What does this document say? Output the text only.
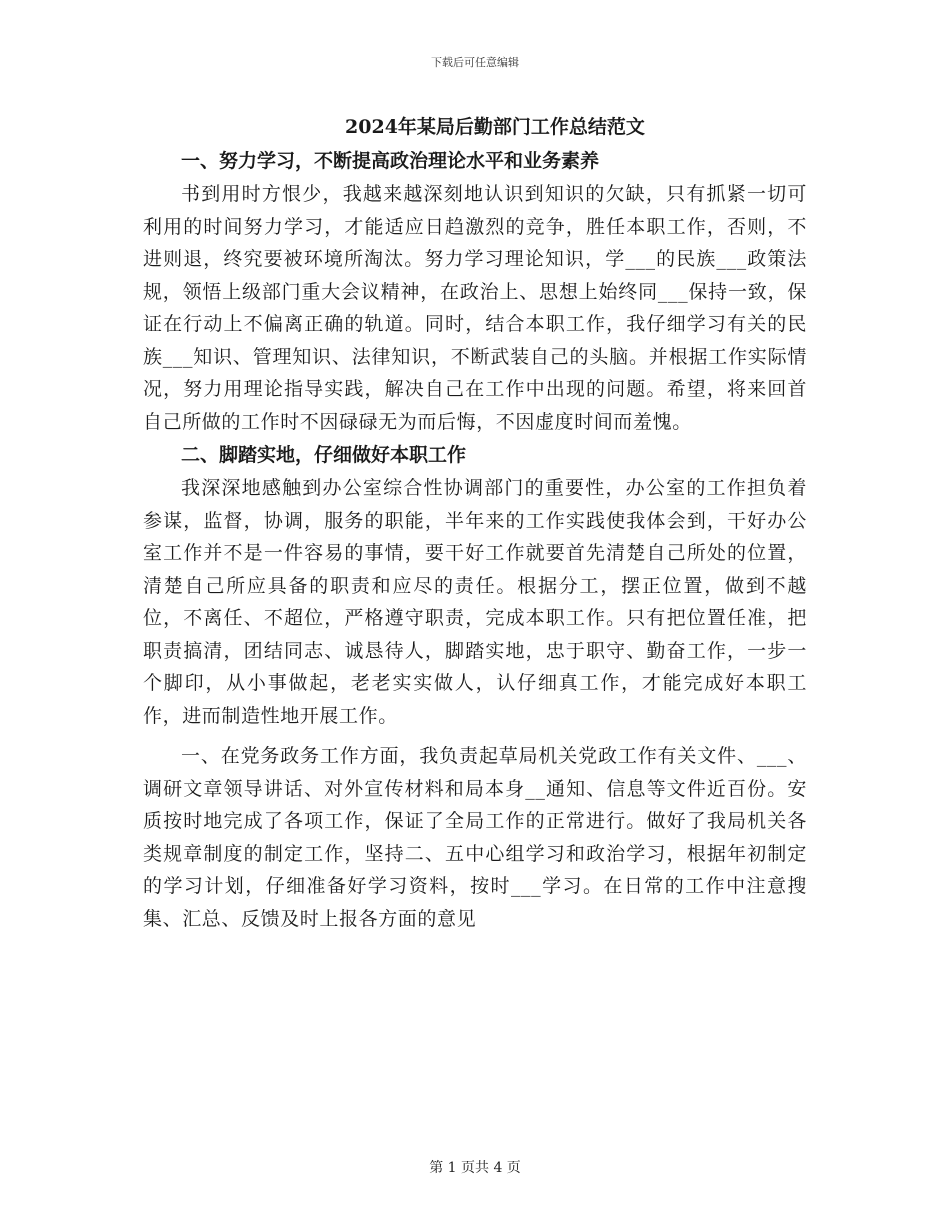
下载后可任意编辑
2024年某局后勤部门工作总结范文
一、努力学习，不断提高政治理论水平和业务素养

书到用时方恨少，我越来越深刻地认识到知识的欠缺，只有抓紧一切可利用的时间努力学习，才能适应日趋激烈的竞争，胜任本职工作，否则，不进则退，终究要被环境所淘汰。努力学习理论知识，学___的民族___政策法规，领悟上级部门重大会议精神，在政治上、思想上始终同___保持一致，保证在行动上不偏离正确的轨道。同时，结合本职工作，我仔细学习有关的民族___知识、管理知识、法律知识，不断武装自己的头脑。并根据工作实际情况，努力用理论指导实践，解决自己在工作中出现的问题。希望，将来回首自己所做的工作时不因碌碌无为而后悔，不因虚度时间而羞愧。

二、脚踏实地，仔细做好本职工作

我深深地感触到办公室综合性协调部门的重要性，办公室的工作担负着参谋，监督，协调，服务的职能，半年来的工作实践使我体会到，干好办公室工作并不是一件容易的事情，要干好工作就要首先清楚自己所处的位置，清楚自己所应具备的职责和应尽的责任。根据分工，摆正位置，做到不越位，不离任、不超位，严格遵守职责，完成本职工作。只有把位置任准，把职责搞清，团结同志、诚恳待人，脚踏实地，忠于职守、勤奋工作，一步一个脚印，从小事做起，老老实实做人，认仔细真工作，才能完成好本职工作，进而制造性地开展工作。

一、在党务政务工作方面，我负责起草局机关党政工作有关文件、___、调研文章领导讲话、对外宣传材料和局本身__通知、信息等文件近百份。安质按时地完成了各项工作，保证了全局工作的正常进行。做好了我局机关各类规章制度的制定工作，坚持二、五中心组学习和政治学习，根据年初制定的学习计划，仔细准备好学习资料，按时___学习。在日常的工作中注意搜集、汇总、反馈及时上报各方面的意见

第 1 页共 4 页
